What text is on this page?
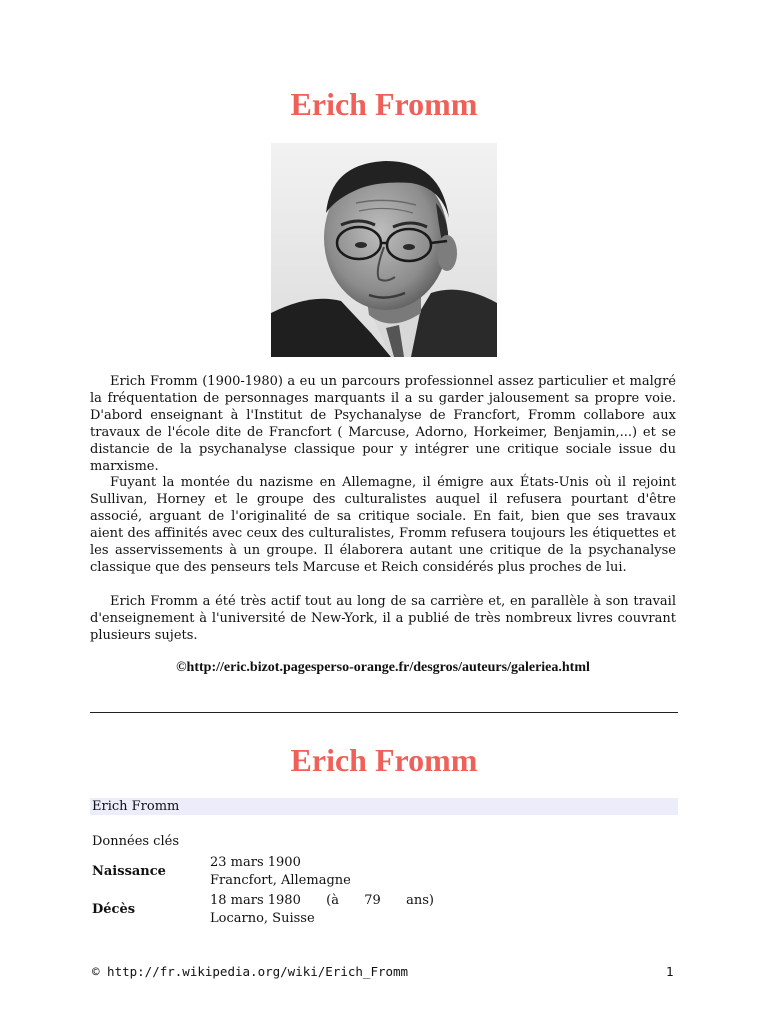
Erich Fromm

Erich Fromm (1900-1980) a eu un parcours professionnel assez particulier et malgré la fréquentation de personnages marquants il a su garder jalousement sa propre voie. D'abord enseignant à l'Institut de Psychanalyse de Francfort, Fromm collabore aux travaux de l'école dite de Francfort ( Marcuse, Adorno, Horkeimer, Benjamin,...) et se distancie de la psychanalyse classique pour y intégrer une critique sociale issue du marxisme.

Fuyant la montée du nazisme en Allemagne, il émigre aux États-Unis où il rejoint Sullivan, Horney et le groupe des culturalistes auquel il refusera pourtant d'être associé, arguant de l'originalité de sa critique sociale. En fait, bien que ses travaux aient des affinités avec ceux des culturalistes, Fromm refusera toujours les étiquettes et les asservissements à un groupe. Il élaborera autant une critique de la psychanalyse classique que des penseurs tels Marcuse et Reich considérés plus proches de lui.

Erich Fromm a été très actif tout au long de sa carrière et, en parallèle à son travail d'enseignement à l'université de New-York, il a publié de très nombreux livres couvrant plusieurs sujets.

©http://eric.bizot.pagesperso-orange.fr/desgros/auteurs/galeriea.html

Erich Fromm
Erich Fromm

Données clés

Naissance
23 mars 1900
Francfort, Allemagne
Décès
18 mars 1980 (à 79 ans)
Locarno, Suisse
© http://fr.wikipedia.org/wiki/Erich_Fromm	1
